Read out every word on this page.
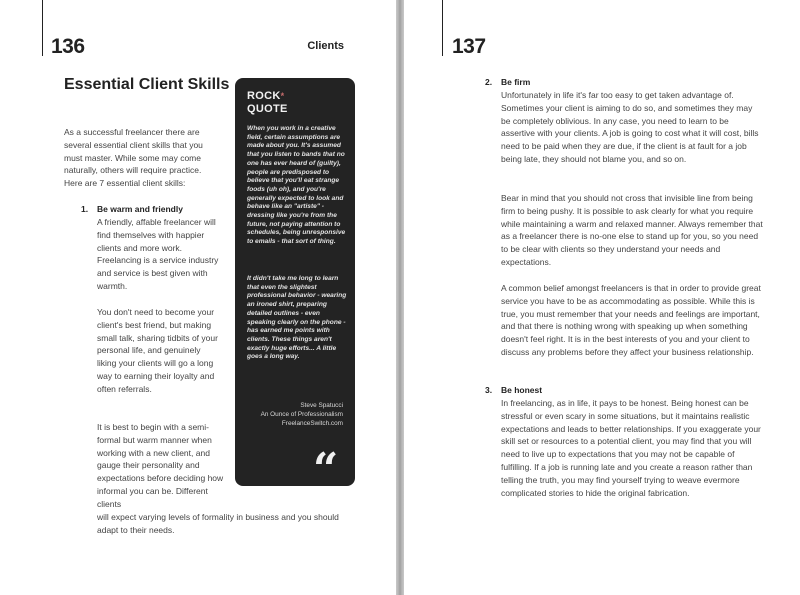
136	Clients
Essential Client Skills

As a successful freelancer there are several essential client skills that you must master. While some may come naturally, others will require practice. Here are 7 essential client skills:

1. Be warm and friendly

A friendly, affable freelancer will find themselves with happier clients and more work. Freelancing is a service industry and service is best given with warmth.

You don't need to become your client's best friend, but making small talk, sharing tidbits of your personal life, and genuinely liking your clients will go a long way to earning their loyalty and often referrals.

It is best to begin with a semi-formal but warm manner when working with a new client, and gauge their personality and expectations before deciding how informal you can be. Different clients

will expect varying levels of formality in business and you should adapt to their needs.

ROCK*
QUOTE

When you work in a creative field, certain assumptions are made about you. It's assumed that you listen to bands that no one has ever heard of (guilty), people are predisposed to believe that you'll eat strange foods (uh oh), and you're generally expected to look and behave like an "artiste" - dressing like you're from the future, not paying attention to schedules, being unresponsive to emails - that sort of thing.

It didn't take me long to learn that even the slightest professional behavior - wearing an ironed shirt, preparing detailed outlines - even speaking clearly on the phone - has earned me points with clients. These things aren't exactly huge efforts... A little goes a long way.

Steve Spatucci
An Ounce of Professionalism
FreelanceSwitch.com
“
137
2. Be firm

Unfortunately in life it's far too easy to get taken advantage of. Sometimes your client is aiming to do so, and sometimes they may be completely oblivious. In any case, you need to learn to be assertive with your clients. A job is going to cost what it will cost, bills need to be paid when they are due, if the client is at fault for a job being late, they should not blame you, and so on.

Bear in mind that you should not cross that invisible line from being firm to being pushy. It is possible to ask clearly for what you require while maintaining a warm and relaxed manner. Always remember that as a freelancer there is no-one else to stand up for you, so you need to be clear with clients so they understand your needs and expectations.

A common belief amongst freelancers is that in order to provide great service you have to be as accommodating as possible. While this is true, you must remember that your needs and feelings are important, and that there is nothing wrong with speaking up when something doesn't feel right. It is in the best interests of you and your client to discuss any problems before they affect your business relationship.

3. Be honest

In freelancing, as in life, it pays to be honest. Being honest can be stressful or even scary in some situations, but it maintains realistic expectations and leads to better relationships. If you exaggerate your skill set or resources to a potential client, you may find that you will need to live up to expectations that you may not be capable of fulfilling. If a job is running late and you create a reason rather than telling the truth, you may find yourself trying to weave evermore complicated stories to hide the original fabrication.
